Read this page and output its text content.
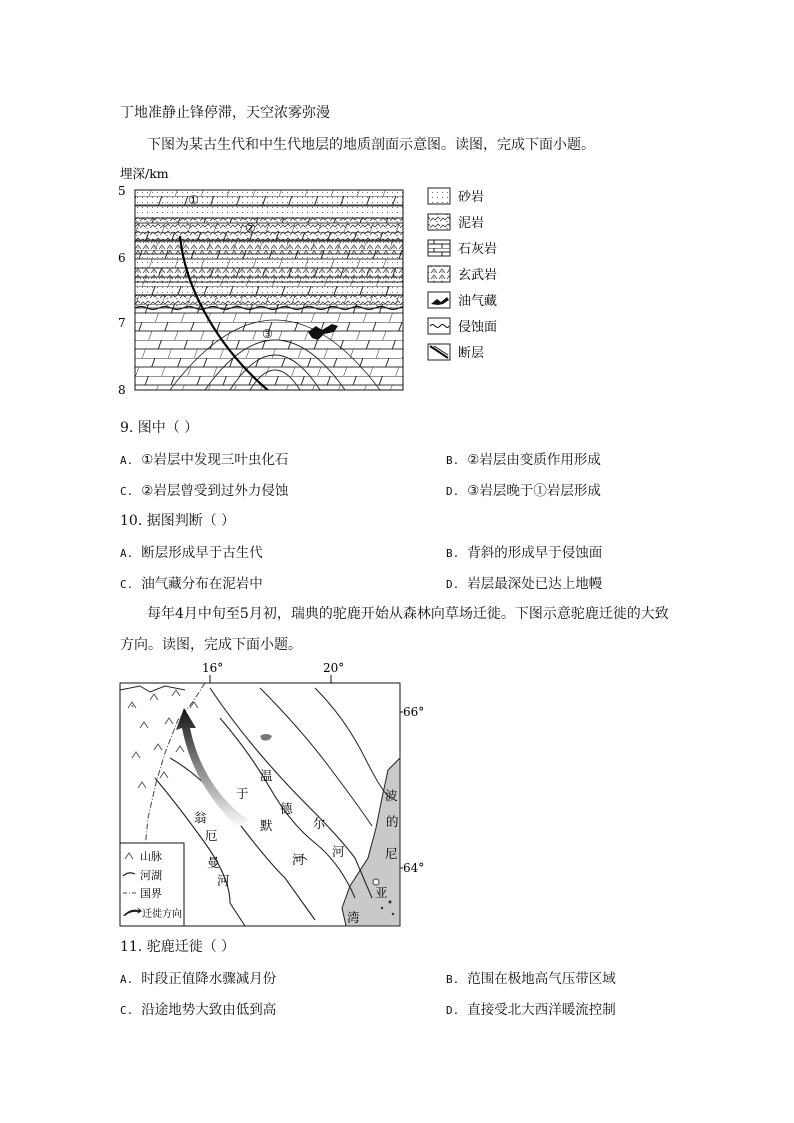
丁地准静止锋停滞，天空浓雾弥漫
下图为某古生代和中生代地层的地质剖面示意图。读图，完成下面小题。
埋深/km
5
6
7
8
①
②
③
砂岩
泥岩
石灰岩
玄武岩
油气藏
侵蚀面
断层
9. 图中（ ）
A. ①岩层中发现三叶虫化石	B. ②岩层由变质作用形成
C. ②岩层曾受到过外力侵蚀	D. ③岩层晚于①岩层形成
10. 据图判断（ ）
A. 断层形成早于古生代	B. 背斜的形成早于侵蚀面
C. 油气藏分布在泥岩中	D. 岩层最深处已达上地幔
每年4月中旬至5月初，瑞典的驼鹿开始从森林向草场迁徙。下图示意驼鹿迁徙的大致
方向。读图，完成下面小题。
16°	20°
66°
64°
温
德
尔
河
于
默
河
翁
厄
曼
河
波
的
尼
亚
湾
山脉
河湖
国界
迁徙方向
11. 驼鹿迁徙（ ）
A. 时段正值降水骤减月份	B. 范围在极地高气压带区域
C. 沿途地势大致由低到高	D. 直接受北大西洋暖流控制
